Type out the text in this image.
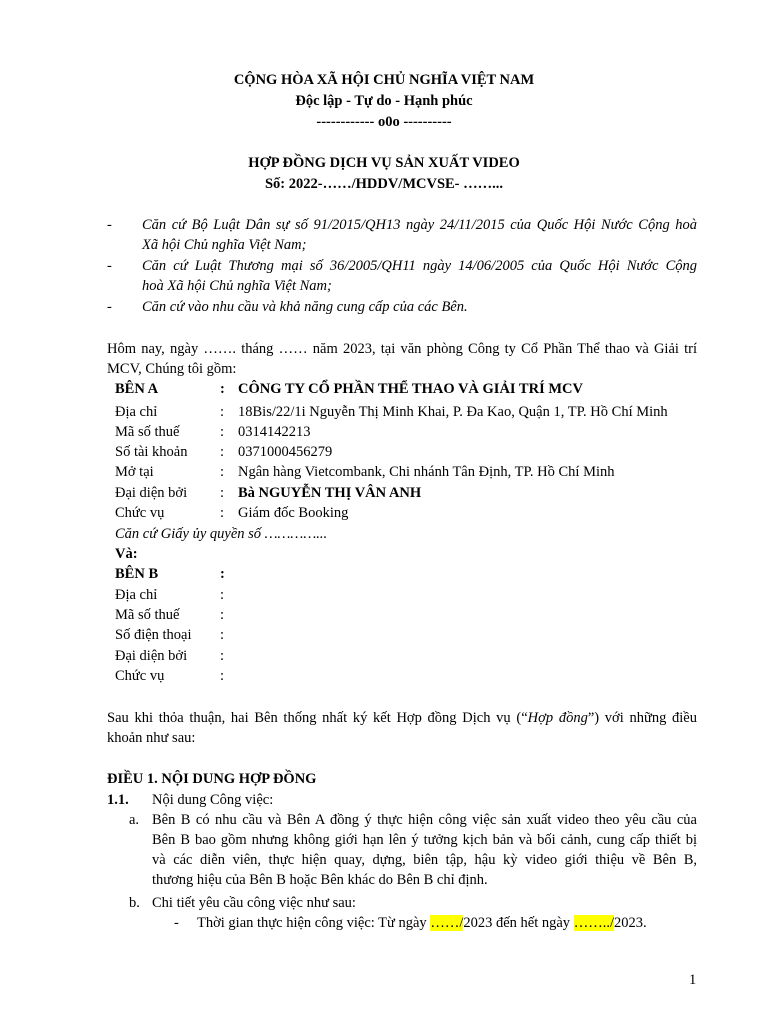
CỘNG HÒA XÃ HỘI CHỦ NGHĨA VIỆT NAM
Độc lập - Tự do - Hạnh phúc
------------ o0o ----------
HỢP ĐỒNG DỊCH VỤ SẢN XUẤT VIDEO
Số: 2022-……/HDDV/MCVSE- ……...
- Căn cứ Bộ Luật Dân sự số 91/2015/QH13 ngày 24/11/2015 của Quốc Hội Nước Cộng hoà
Xã hội Chủ nghĩa Việt Nam;
- Căn cứ Luật Thương mại số 36/2005/QH11 ngày 14/06/2005 của Quốc Hội Nước Cộng
hoà Xã hội Chủ nghĩa Việt Nam;
- Căn cứ vào nhu cầu và khả năng cung cấp của các Bên.
Hôm nay, ngày ……. tháng …… năm 2023, tại văn phòng Công ty Cổ Phần Thể thao và Giải trí
MCV, Chúng tôi gồm:
BÊN A	: CÔNG TY CỔ PHẦN THỂ THAO VÀ GIẢI TRÍ MCV
Địa chỉ	: 18Bis/22/1i Nguyễn Thị Minh Khai, P. Đa Kao, Quận 1, TP. Hồ Chí Minh
Mã số thuế	: 0314142213
Số tài khoản : 0371000456279
Mở tại	: Ngân hàng Vietcombank, Chi nhánh Tân Định, TP. Hồ Chí Minh
Đại diện bởi : Bà NGUYỄN THỊ VÂN ANH
Chức vụ	: Giám đốc Booking
Căn cứ Giấy ủy quyền số …………...
Và:
BÊN B	:
Địa chỉ	:
Mã số thuế	:
Số điện thoại :
Đại diện bởi :
Chức vụ	:
Sau khi thỏa thuận, hai Bên thống nhất ký kết Hợp đồng Dịch vụ (“Hợp đồng”) với những điều
khoản như sau:
ĐIỀU 1. NỘI DUNG HỢP ĐỒNG
1.1. Nội dung Công việc:
a. Bên B có nhu cầu và Bên A đồng ý thực hiện công việc sản xuất video theo yêu cầu của
Bên B bao gồm nhưng không giới hạn lên ý tưởng kịch bản và bối cảnh, cung cấp thiết bị
và các diễn viên, thực hiện quay, dựng, biên tập, hậu kỳ video giới thiệu về Bên B,
thương hiệu của Bên B hoặc Bên khác do Bên B chỉ định.
b. Chi tiết yêu cầu công việc như sau:
- Thời gian thực hiện công việc: Từ ngày ……/2023 đến hết ngày ……../2023.
1
